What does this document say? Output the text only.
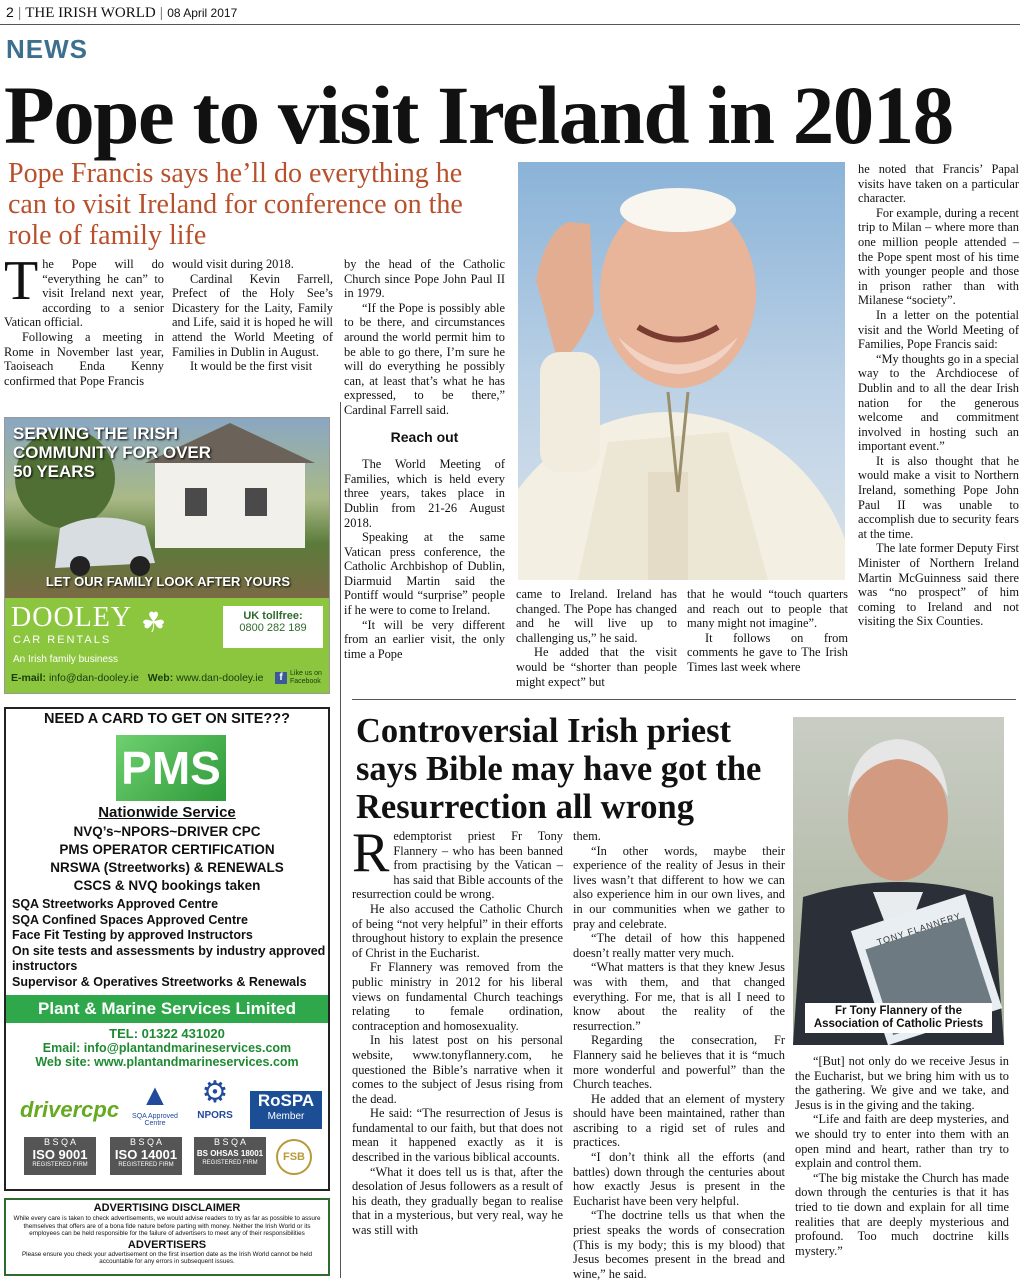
2 | THE IRISH WORLD | 08 April 2017
NEWS
Pope to visit Ireland in 2018
Pope Francis says he’ll do everything he can to visit Ireland for conference on the role of family life
T he Pope will do “everything he can” to visit Ireland next year, according to a senior Vatican official.

Following a meeting in Rome in November last year, Taoiseach Enda Kenny confirmed that Pope Francis

would visit during 2018.

Cardinal Kevin Farrell, Prefect of the Holy See’s Dicastery for the Laity, Family and Life, said it is hoped he will attend the World Meeting of Families in Dublin in August.

It would be the first visit

by the head of the Catholic Church since Pope John Paul II in 1979.

“If the Pope is possibly able to be there, and circumstances around the world permit him to be able to go there, I’m sure he will do everything he possibly can, at least that’s what he has expressed, to be there,” Cardinal Farrell said.

Reach out

The World Meeting of Families, which is held every three years, takes place in Dublin from 21-26 August 2018.

Speaking at the same Vatican press conference, the Catholic Archbishop of Dublin, Diarmuid Martin said the Pontiff would “surprise” people if he were to come to Ireland.

“It will be very different from an earlier visit, the only time a Pope

came to Ireland. Ireland has changed. The Pope has changed and he will live up to challenging us,” he said.

He added that the visit would be “shorter than people might expect” but

that he would “touch quarters and reach out to people that many might not imagine”.

It follows on from comments he gave to The Irish Times last week where

he noted that Francis’ Papal visits have taken on a particular character.

For example, during a recent trip to Milan – where more than one million people attended – the Pope spent most of his time with younger people and those in prison rather than with Milanese “society”.

In a letter on the potential visit and the World Meeting of Families, Pope Francis said:

“My thoughts go in a special way to the Archdiocese of Dublin and to all the dear Irish nation for the generous welcome and commitment involved in hosting such an important event.”

It is also thought that he would make a visit to Northern Ireland, something Pope John Paul II was unable to accomplish due to security fears at the time.

The late former Deputy First Minister of Northern Ireland Martin McGuinness said there was “no prospect” of him coming to Ireland and not visiting the Six Counties.

SERVING THE IRISH COMMUNITY FOR OVER 50 YEARS
LET OUR FAMILY LOOK AFTER YOURS
DOOLEY
CAR RENTALS
☘
An Irish family business
E-mail: info@dan-dooley.ie Web: www.dan-dooley.ie
UK tollfree:
0800 282 189
f	Like us on Facebook
NEED A CARD TO GET ON SITE???
PMS
Nationwide Service
NVQ’s~NPORS~DRIVER CPC
PMS OPERATOR CERTIFICATION
NRSWA (Streetworks) & RENEWALS
CSCS & NVQ bookings taken
SQA Streetworks Approved Centre
SQA Confined Spaces Approved Centre
Face Fit Testing by approved Instructors
On site tests and assessments by industry approved instructors
Supervisor & Operatives Streetworks & Renewals
Plant & Marine Services Limited
TEL: 01322 431020
Email: info@plantandmarineservices.com
Web site: www.plantandmarineservices.com
drivercpc ▲
SQA Approved Centre
⚙
NPORS
RoSPA
Member
B S Q A
ISO 9001
REGISTERED FIRM
B S Q A
ISO 14001
REGISTERED FIRM
B S Q A
BS OHSAS 18001
REGISTERED FIRM	FSB
ADVERTISING DISCLAIMER
While every care is taken to check advertisements, we would advise readers to try as far as possible to assure themselves that offers are of a bona fide nature before parting with money. Neither the Irish World or its employees can be held responsible for the failure of advertisers to meet any of their responsibilities
ADVERTISERS
Please ensure you check your advertisement on the first insertion date as the Irish World cannot be held accountable for any errors in subsequent issues.
Controversial Irish priest says Bible may have got the Resurrection all wrong
R edemptorist priest Fr Tony Flannery – who has been banned from practising by the Vatican – has said that Bible accounts of the resurrection could be wrong.

He also accused the Catholic Church of being “not very helpful” in their efforts throughout history to explain the presence of Christ in the Eucharist.

Fr Flannery was removed from the public ministry in 2012 for his liberal views on fundamental Church teachings relating to female ordination, contraception and homosexuality.

In his latest post on his personal website, www.tonyflannery.com, he questioned the Bible’s narrative when it comes to the subject of Jesus rising from the dead.

He said: “The resurrection of Jesus is fundamental to our faith, but that does not mean it happened exactly as it is described in the various biblical accounts.

“What it does tell us is that, after the desolation of Jesus followers as a result of his death, they gradually began to realise that in a mysterious, but very real, way he was still with

them.

“In other words, maybe their experience of the reality of Jesus in their lives wasn’t that different to how we can also experience him in our own lives, and in our communities when we gather to pray and celebrate.

“The detail of how this happened doesn’t really matter very much.

“What matters is that they knew Jesus was with them, and that changed everything. For me, that is all I need to know about the reality of the resurrection.”

Regarding the consecration, Fr Flannery said he believes that it is “much more wonderful and powerful” than the Church teaches.

He added that an element of mystery should have been maintained, rather than ascribing to a rigid set of rules and practices.

“I don’t think all the efforts (and battles) down through the centuries about how exactly Jesus is present in the Eucharist have been very helpful.

“The doctrine tells us that when the priest speaks the words of consecration (This is my body; this is my blood) that Jesus becomes present in the bread and wine,” he said.

TONY FLANNERY
Fr Tony Flannery of the Association of Catholic Priests

“[But] not only do we receive Jesus in the Eucharist, but we bring him with us to the gathering. We give and we take, and Jesus is in the giving and the taking.

“Life and faith are deep mysteries, and we should try to enter into them with an open mind and heart, rather than try to explain and control them.

“The big mistake the Church has made down through the centuries is that it has tried to tie down and explain for all time realities that are deeply mysterious and profound. Too much doctrine kills mystery.”
